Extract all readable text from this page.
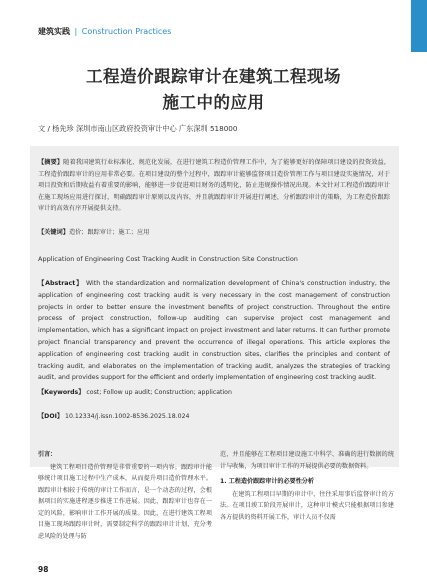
建筑实践 | Construction Practices
工程造价跟踪审计在建筑工程现场
施工中的应用
文 / 杨先珍 深圳市南山区政府投资审计中心 广东深圳 518000
【摘要】随着我国建筑行业标准化、规范化发展，在进行建筑工程造价管理工作中，为了能够更好的保障项目建设的投资效益，工程造价跟踪审计的应用非常必要。在项目建设的整个过程中，跟踪审计能够监督项目造价管理工作与项目建设实施情况，对于项目投资和后期收益有着重要的影响，能够进一步促进项目财务的透明化，防止违规操作情况出现。本文针对工程造价跟踪审计在施工现场应用进行探讨，明确跟踪审计原则以及内容，并且就跟踪审计开展进行阐述，分析跟踪审计的策略，为工程造价跟踪审计的高效有序开展提供支持。
【关键词】造价；跟踪审计；施工；应用
Application of Engineering Cost Tracking Audit in Construction Site Construction
【Abstract】 With the standardization and normalization development of China's construction industry, the application of engineering cost tracking audit is very necessary in the cost management of construction projects in order to better ensure the investment benefits of project construction. Throughout the entire process of project construction, follow-up auditing can supervise project cost management and implementation, which has a significant impact on project investment and later returns. It can further promote project financial transparency and prevent the occurrence of illegal operations. This article explores the application of engineering cost tracking audit in construction sites, clarifies the principles and content of tracking audit, and elaborates on the implementation of tracking audit, analyzes the strategies of tracking audit, and provides support for the efficient and orderly implementation of engineering cost tracking audit.
【Keywords】 cost; Follow up audit; Construction; application
【DOI】 10.12334/j.issn.1002-8536.2025.18.024
引言：

建筑工程项目造价管理是非常重要的一项内容。跟踪审计能够统计项目施工过程中生产成本，从而提升项目造价管理水平。跟踪审计相较于传统的审计工作而言，是一个动态的过程，会根据项目的实施进程逐步推进工作进展。因此，跟踪审计也存在一定的风险，影响审计工作开展的质量。因此，在进行建筑工程项目施工现场跟踪审计时，需要制定科学的跟踪审计计划，充分考虑风险的处理与防

范，并且能够在工程项目建设施工中科学、准确的进行数据的统计与收集，为项目审计工作的开展提供必要的数据资料。

1. 工程造价跟踪审计的必要性分析

在建筑工程项目早期的审计中，往往采用事后监督审计的方法。在项目竣工阶段开展审计，这种审计模式只能根据项目参建各方提供的资料开展工作，审计人员不仅需

98
